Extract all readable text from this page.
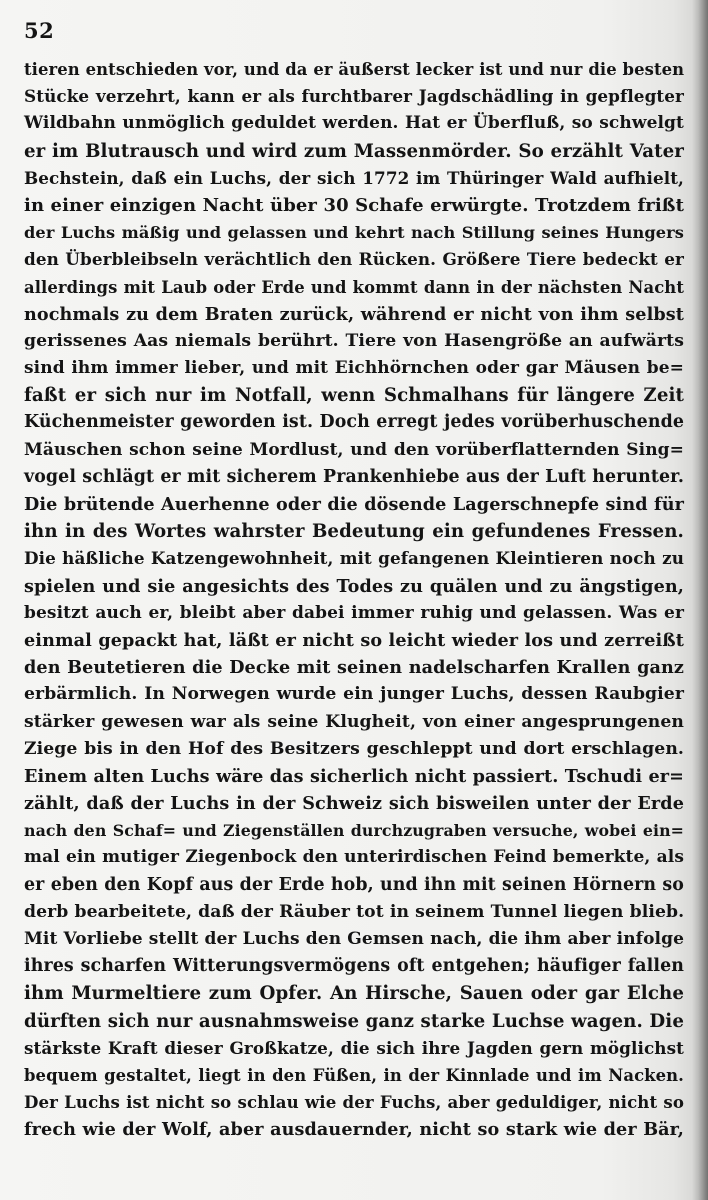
52
tieren entschieden vor, und da er äußerst lecker ist und nur die besten
Stücke verzehrt, kann er als furchtbarer Jagdschädling in gepflegter
Wildbahn unmöglich geduldet werden. Hat er Überfluß, so schwelgt
er im Blutrausch und wird zum Massenmörder. So erzählt Vater
Bechstein, daß ein Luchs, der sich 1772 im Thüringer Wald aufhielt,
in einer einzigen Nacht über 30 Schafe erwürgte. Trotzdem frißt
der Luchs mäßig und gelassen und kehrt nach Stillung seines Hungers
den Überbleibseln verächtlich den Rücken. Größere Tiere bedeckt er
allerdings mit Laub oder Erde und kommt dann in der nächsten Nacht
nochmals zu dem Braten zurück, während er nicht von ihm selbst
gerissenes Aas niemals berührt. Tiere von Hasengröße an aufwärts
sind ihm immer lieber, und mit Eichhörnchen oder gar Mäusen be=
faßt er sich nur im Notfall, wenn Schmalhans für längere Zeit
Küchenmeister geworden ist. Doch erregt jedes vorüberhuschende
Mäuschen schon seine Mordlust, und den vorüberflatternden Sing=
vogel schlägt er mit sicherem Prankenhiebe aus der Luft herunter.
Die brütende Auerhenne oder die dösende Lagerschnepfe sind für
ihn in des Wortes wahrster Bedeutung ein gefundenes Fressen.
Die häßliche Katzengewohnheit, mit gefangenen Kleintieren noch zu
spielen und sie angesichts des Todes zu quälen und zu ängstigen,
besitzt auch er, bleibt aber dabei immer ruhig und gelassen. Was er
einmal gepackt hat, läßt er nicht so leicht wieder los und zerreißt
den Beutetieren die Decke mit seinen nadelscharfen Krallen ganz
erbärmlich. In Norwegen wurde ein junger Luchs, dessen Raubgier
stärker gewesen war als seine Klugheit, von einer angesprungenen
Ziege bis in den Hof des Besitzers geschleppt und dort erschlagen.
Einem alten Luchs wäre das sicherlich nicht passiert. Tschudi er=
zählt, daß der Luchs in der Schweiz sich bisweilen unter der Erde
nach den Schaf= und Ziegenställen durchzugraben versuche, wobei ein=
mal ein mutiger Ziegenbock den unterirdischen Feind bemerkte, als
er eben den Kopf aus der Erde hob, und ihn mit seinen Hörnern so
derb bearbeitete, daß der Räuber tot in seinem Tunnel liegen blieb.
Mit Vorliebe stellt der Luchs den Gemsen nach, die ihm aber infolge
ihres scharfen Witterungsvermögens oft entgehen; häufiger fallen
ihm Murmeltiere zum Opfer. An Hirsche, Sauen oder gar Elche
dürften sich nur ausnahmsweise ganz starke Luchse wagen. Die
stärkste Kraft dieser Großkatze, die sich ihre Jagden gern möglichst
bequem gestaltet, liegt in den Füßen, in der Kinnlade und im Nacken.
Der Luchs ist nicht so schlau wie der Fuchs, aber geduldiger, nicht so
frech wie der Wolf, aber ausdauernder, nicht so stark wie der Bär,
